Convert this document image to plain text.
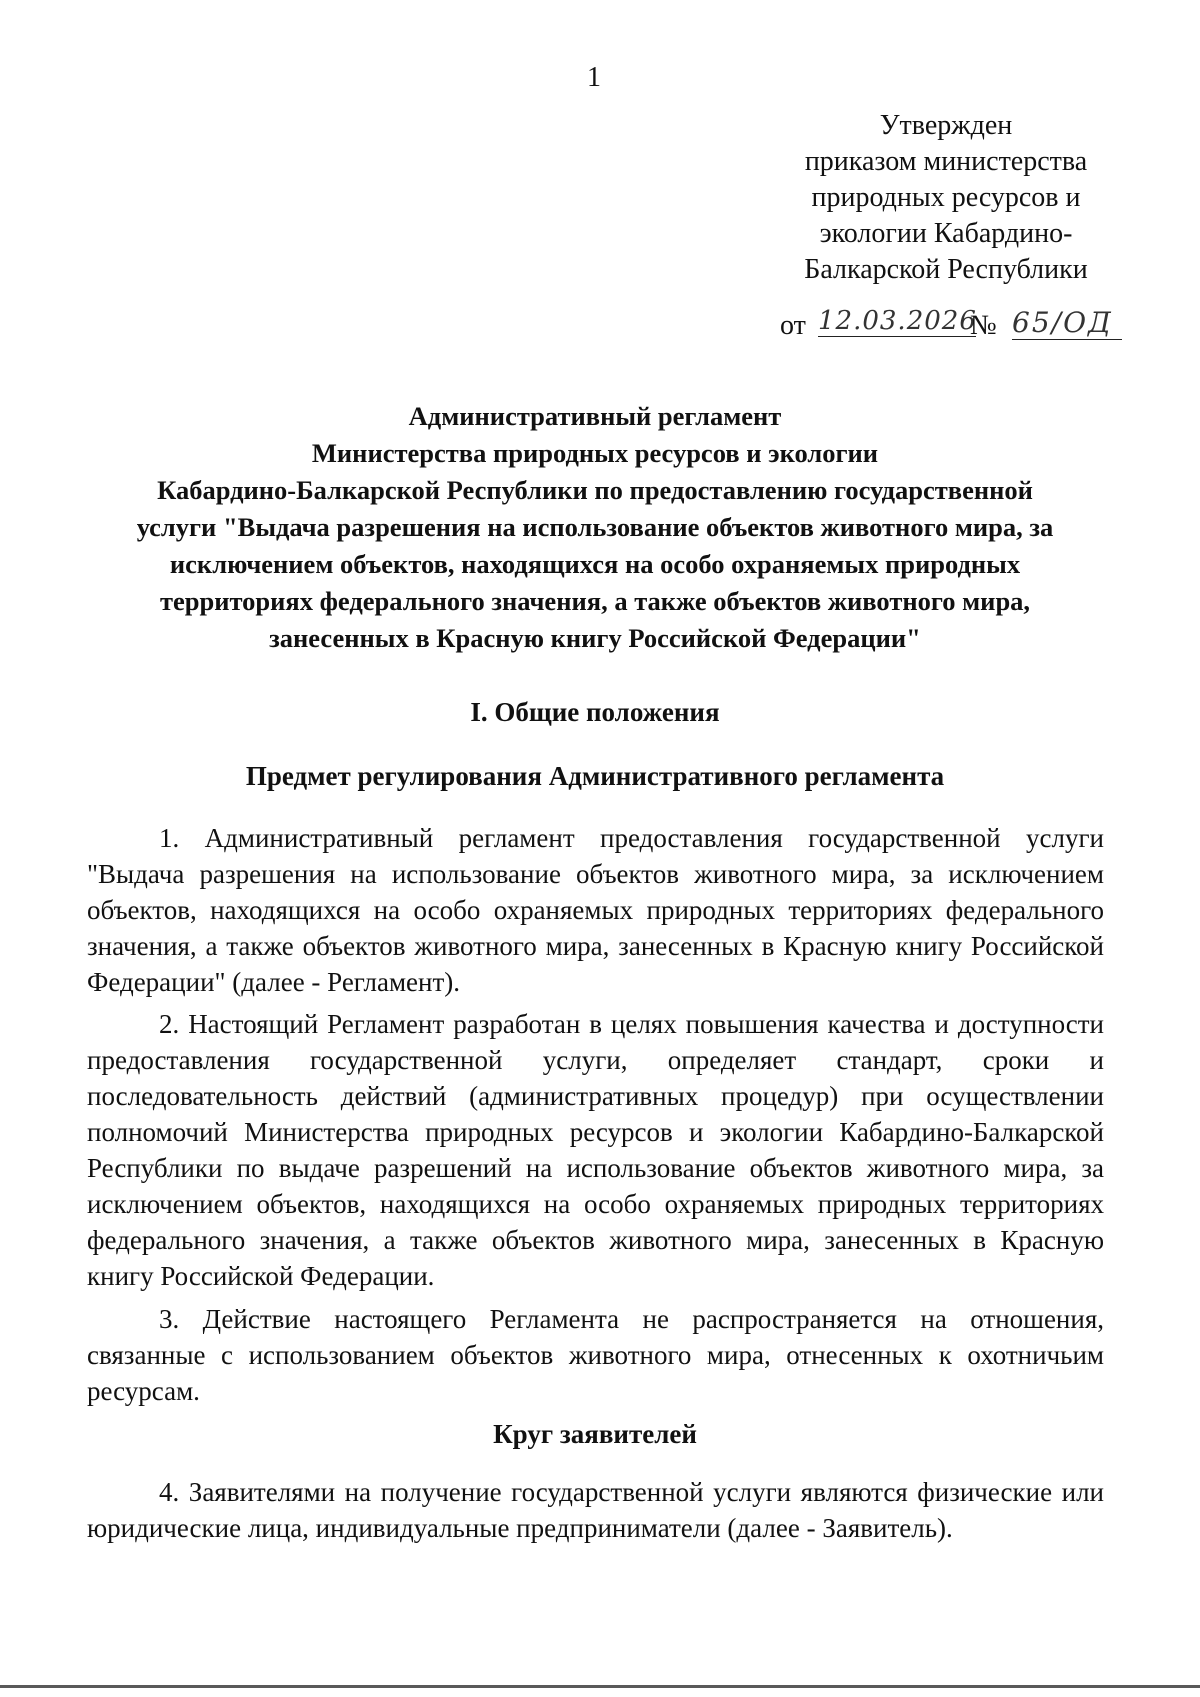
1
Утвержден
приказом министерства
природных ресурсов и
экологии Кабардино-
Балкарской Республики
от 12.03.2026
№ 65/ОД
Административный регламент
Министерства природных ресурсов и экологии
Кабардино-Балкарской Республики по предоставлению государственной
услуги "Выдача разрешения на использование объектов животного мира, за
исключением объектов, находящихся на особо охраняемых природных
территориях федерального значения, а также объектов животного мира,
занесенных в Красную книгу Российской Федерации"
I. Общие положения
Предмет регулирования Административного регламента
1. Административный регламент предоставления государственной услуги "Выдача разрешения на использование объектов животного мира, за исключением объектов, находящихся на особо охраняемых природных территориях федерального значения, а также объектов животного мира, занесенных в Красную книгу Российской Федерации" (далее - Регламент).
2. Настоящий Регламент разработан в целях повышения качества и доступности предоставления государственной услуги, определяет стандарт, сроки и последовательность действий (административных процедур) при осуществлении полномочий Министерства природных ресурсов и экологии Кабардино-Балкарской Республики по выдаче разрешений на использование объектов животного мира, за исключением объектов, находящихся на особо охраняемых природных территориях федерального значения, а также объектов животного мира, занесенных в Красную книгу Российской Федерации.
3. Действие настоящего Регламента не распространяется на отношения, связанные с использованием объектов животного мира, отнесенных к охотничьим ресурсам.
Круг заявителей
4. Заявителями на получение государственной услуги являются физические или юридические лица, индивидуальные предприниматели (далее - Заявитель).
